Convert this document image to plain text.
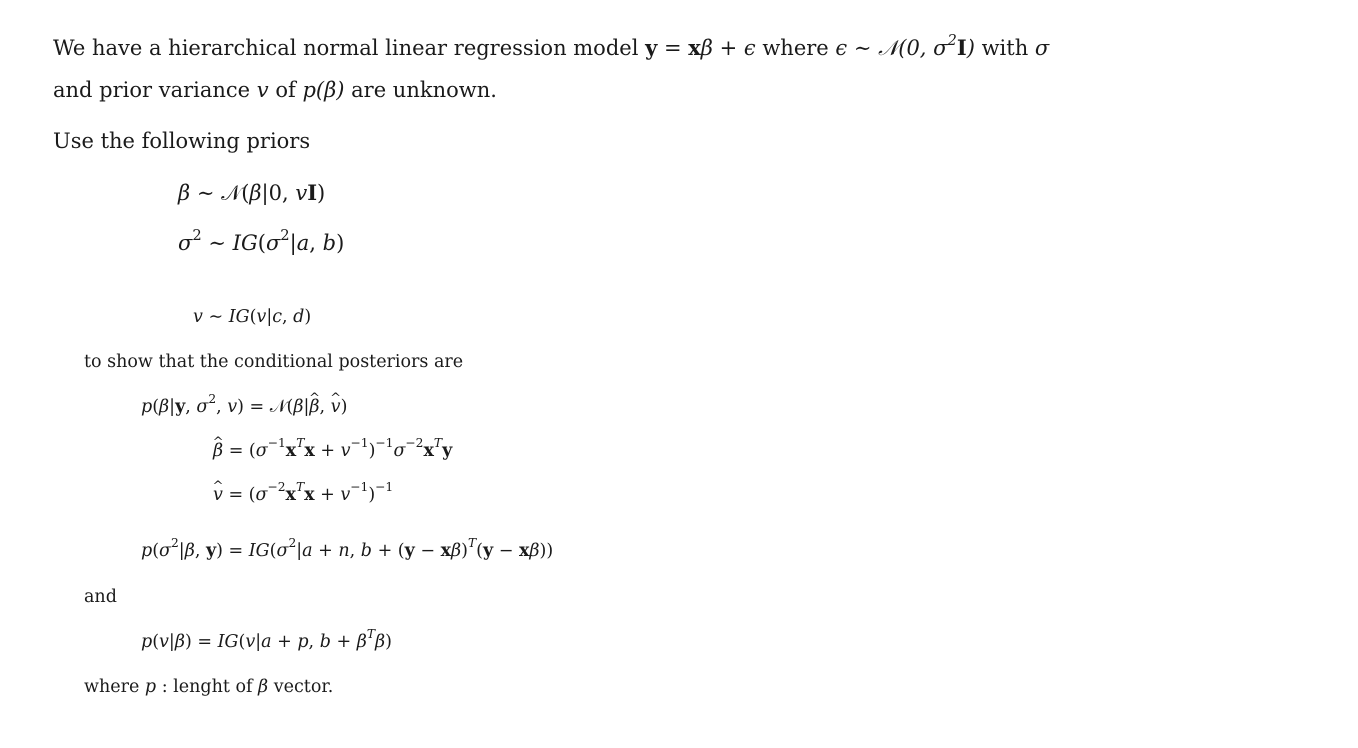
We have a hierarchical normal linear regression model y = xβ + ϵ where ϵ ∼ 𝒩(0, $\sigma^2I$) with σ
and prior variance v of p(β) are unknown.
Use the following priors
β ∼ 𝒩(β|0, vI)
$\sigma^2$ ∼ $IG(\sigma^2|a$, b)
v ∼ IG(v|c, d)
to show that the conditional posteriors are
p(β|y, $\sigma^2$, v) = 𝒩(β|^ β, ^ v)
^ $\beta = (\sigma^{-1}x^Tx + v^{-1})^{-1}\sigma^{-2}x^Ty$
^ $v = (\sigma^{-2}x^Tx + v^{-1})^{-1}$
$p(\sigma^2|\beta$, $y) = IG(\sigma^2|a + n$, $b + (y - x\beta)^T(y - x\beta)$)
and
p(v|β) = IG(v|a + p, $b + \beta^T\beta$)
where p : lenght of β vector.
